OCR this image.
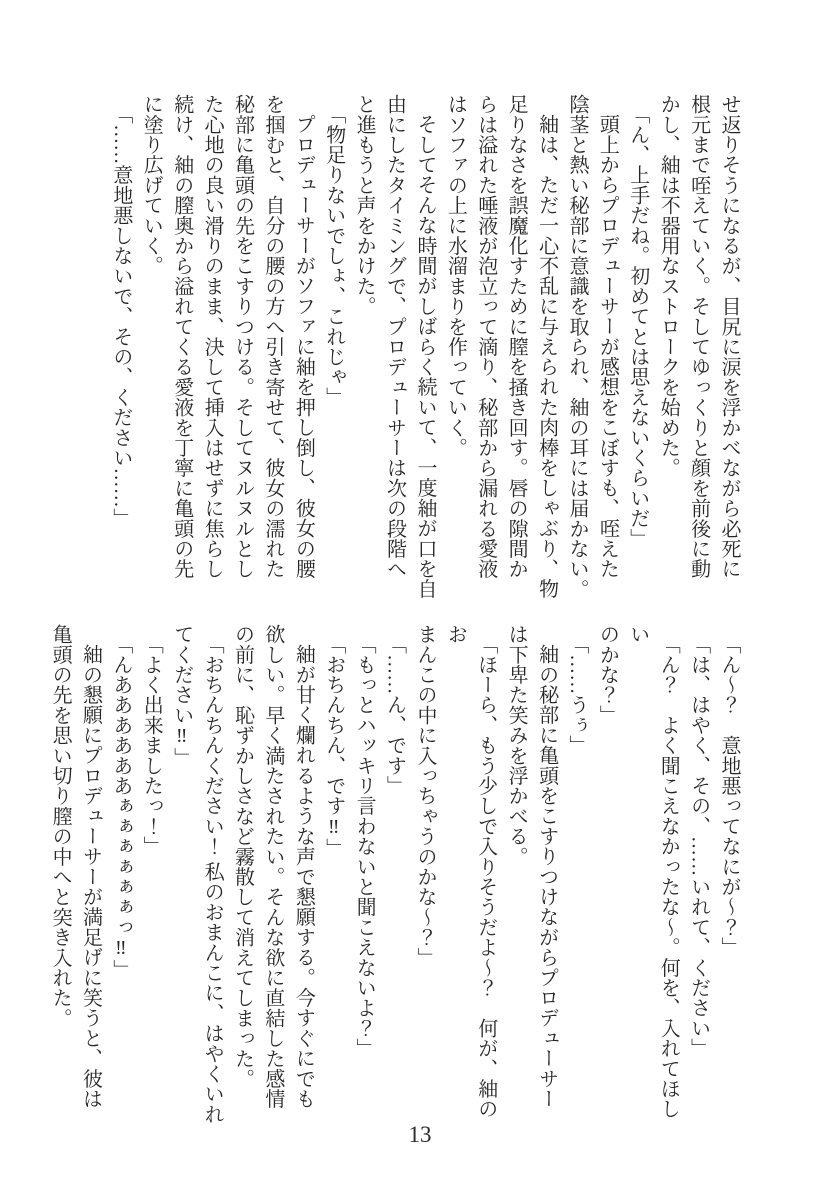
せ返りそうになるが、目尻に涙を浮かべながら必死に

根元まで咥えていく。そしてゆっくりと顔を前後に動

かし、紬は不器用なストロークを始めた。

「ん、上手だね。初めてとは思えないくらいだ」

頭上からプロデューサーが感想をこぼすも、咥えた

陰茎と熱い秘部に意識を取られ、紬の耳には届かない。

紬は、ただ一心不乱に与えられた肉棒をしゃぶり、物

足りなさを誤魔化すために膣を掻き回す。唇の隙間か

らは溢れた唾液が泡立って滴り、秘部から漏れる愛液

はソファの上に水溜まりを作っていく。

そしてそんな時間がしばらく続いて、一度紬が口を自

由にしたタイミングで、プロデューサーは次の段階へ

と進もうと声をかけた。

「物足りないでしょ、これじゃ」

プロデューサーがソファに紬を押し倒し、彼女の腰

を掴むと、自分の腰の方へ引き寄せて、彼女の濡れた

秘部に亀頭の先をこすりつける。そしてヌルヌルとし

た心地の良い滑りのまま、決して挿入はせずに焦らし

続け、紬の膣奥から溢れてくる愛液を丁寧に亀頭の先

に塗り広げていく。

「……意地悪しないで、その、ください……」

「ん～？　意地悪ってなにが～？」

「は、はやく、その、……いれて、ください」

「ん？　よく聞こえなかったな～。何を、入れてほしい

のかな？」

「……うぅ」

紬の秘部に亀頭をこすりつけながらプロデューサー

は下卑た笑みを浮かべる。

「ほーら、もう少しで入りそうだよ～？　何が、紬のお

まんこの中に入っちゃうのかな～？」

「……ん、です」

「もっとハッキリ言わないと聞こえないよ？」

「おちんちん、です‼」

紬が甘く爛れるような声で懇願する。今すぐにでも

欲しい。早く満たされたい。そんな欲に直結した感情

の前に、恥ずかしさなど霧散して消えてしまった。

「おちんちんください！ 私のおまんこに、はやくいれ

てください‼」

「よく出来ましたっ！」

「んああああああぁぁぁぁぁぁっ‼」

紬の懇願にプロデューサーが満足げに笑うと、彼は

亀頭の先を思い切り膣の中へと突き入れた。

13
